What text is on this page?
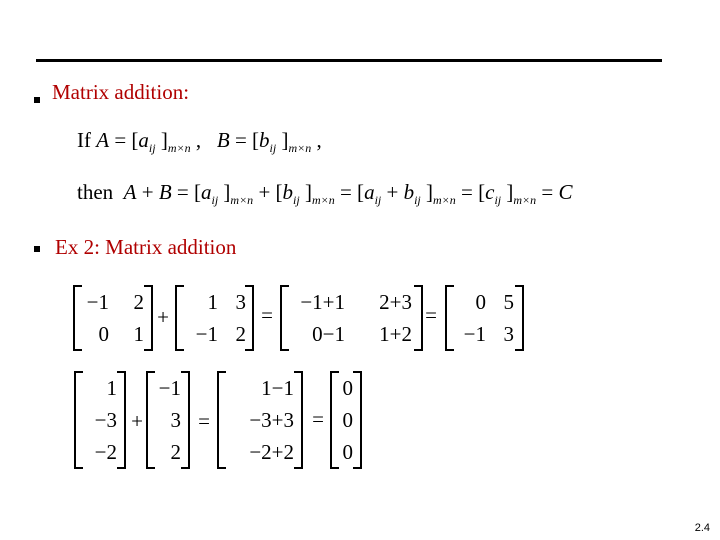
Matrix addition:
If $A = [a_{ij}$ ]$_{m\times n}$ ,   $B = [b_{ij}$ ]$_{m\times n}$ ,
then  $A + B = [a_{ij}$ ]$_{m\times n} + [b_{ij}$ ]$_{m\times n} = [a_{ij} + b_{ij}$ ]$_{m\times n} = [c_{ij}$ ]$_{m\times n} = C$
Ex 2: Matrix addition
−1 2
0 1
+
1 3
−1 2
=
−1+1 2+3
0−1 1+2
=
0 5
−1 3
1
−3
−2
+
−1
3
2
=
1−1
−3+3
−2+2
=
0
0
0
2.4
